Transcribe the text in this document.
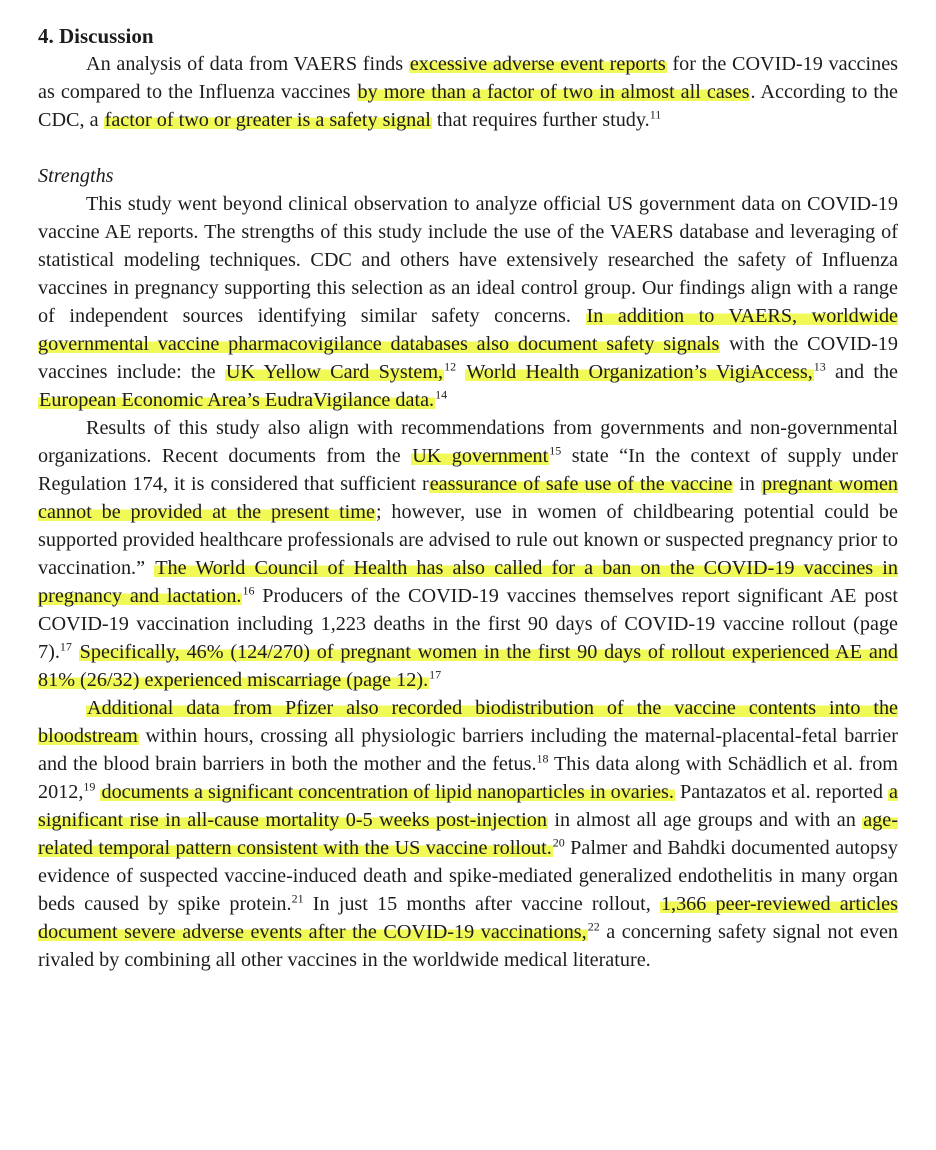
4. Discussion

An analysis of data from VAERS finds excessive adverse event reports for the COVID-19 vaccines as compared to the Influenza vaccines by more than a factor of two in almost all cases. According to the CDC, a factor of two or greater is a safety signal that requires further study.$^{11}$

Strengths

This study went beyond clinical observation to analyze official US government data on COVID-19 vaccine AE reports. The strengths of this study include the use of the VAERS database and leveraging of statistical modeling techniques. CDC and others have extensively researched the safety of Influenza vaccines in pregnancy supporting this selection as an ideal control group. Our findings align with a range of independent sources identifying similar safety concerns. In addition to VAERS, worldwide governmental vaccine pharmacovigilance databases also document safety signals with the COVID-19 vaccines include: the UK Yellow Card System,$^{12}$ World Health Organization’s VigiAccess,$^{13}$ and the European Economic Area’s EudraVigilance data.$^{14}$

Results of this study also align with recommendations from governments and non-governmental organizations. Recent documents from the UK government$^{15}$ state “In the context of supply under Regulation 174, it is considered that sufficient reassurance of safe use of the vaccine in pregnant women cannot be provided at the present time; however, use in women of childbearing potential could be supported provided healthcare professionals are advised to rule out known or suspected pregnancy prior to vaccination.” The World Council of Health has also called for a ban on the COVID-19 vaccines in pregnancy and lactation.$^{16}$ Producers of the COVID-19 vaccines themselves report significant AE post COVID-19 vaccination including 1,223 deaths in the first 90 days of COVID-19 vaccine rollout (page 7).$^{17}$ Specifically, 46% (124/270) of pregnant women in the first 90 days of rollout experienced AE and 81% (26/32) experienced miscarriage (page 12).$^{17}$

Additional data from Pfizer also recorded biodistribution of the vaccine contents into the bloodstream within hours, crossing all physiologic barriers including the maternal-placental-fetal barrier and the blood brain barriers in both the mother and the fetus.$^{18}$ This data along with Schädlich et al. from 2012,19 documents a significant concentration of lipid nanoparticles in ovaries. Pantazatos et al. reported a significant rise in all-cause mortality 0-5 weeks post-injection in almost all age groups and with an age-related temporal pattern consistent with the US vaccine rollout.$^{20}$ Palmer and Bahdki documented autopsy evidence of suspected vaccine-induced death and spike-mediated generalized endothelitis in many organ beds caused by spike protein.$^{21}$ In just 15 months after vaccine rollout, 1,366 peer-reviewed articles document severe adverse events after the COVID-19 vaccinations,$^{22}$ a concerning safety signal not even rivaled by combining all other vaccines in the worldwide medical literature.
